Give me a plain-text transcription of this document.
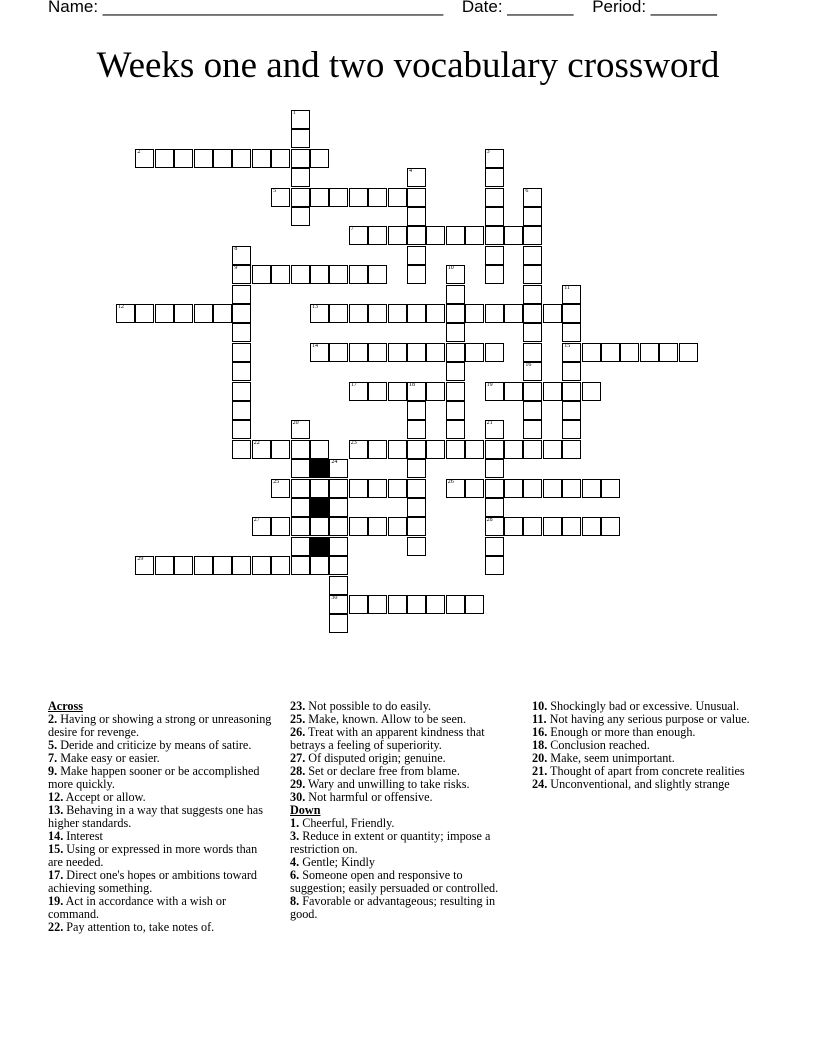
Name: ____________________________________ Date: _______ Period: _______
Weeks one and two vocabulary crossword
1
2	3
4
5	6
7
8
9	10
11
15
12	13
14
16
17	18	19
20	21
28
22	23
24
30
25	26
27
29
Across

2. Having or showing a strong or unreasoning desire for revenge.

5. Deride and criticize by means of satire.

7. Make easy or easier.

9. Make happen sooner or be accomplished more quickly.

12. Accept or allow.

13. Behaving in a way that suggests one has higher standards.

14. Interest

15. Using or expressed in more words than are needed.

17. Direct one's hopes or ambitions toward achieving something.

19. Act in accordance with a wish or command.

22. Pay attention to, take notes of.

23. Not possible to do easily.

25. Make, known. Allow to be seen.

26. Treat with an apparent kindness that betrays a feeling of superiority.

27. Of disputed origin; genuine.

28. Set or declare free from blame.

29. Wary and unwilling to take risks.

30. Not harmful or offensive.

Down

1. Cheerful, Friendly.

3. Reduce in extent or quantity; impose a restriction on.

4. Gentle; Kindly

6. Someone open and responsive to suggestion; easily persuaded or controlled.

8. Favorable or advantageous; resulting in good.

10. Shockingly bad or excessive. Unusual.

11. Not having any serious purpose or value.

16. Enough or more than enough.

18. Conclusion reached.

20. Make, seem unimportant.

21. Thought of apart from concrete realities

24. Unconventional, and slightly strange
